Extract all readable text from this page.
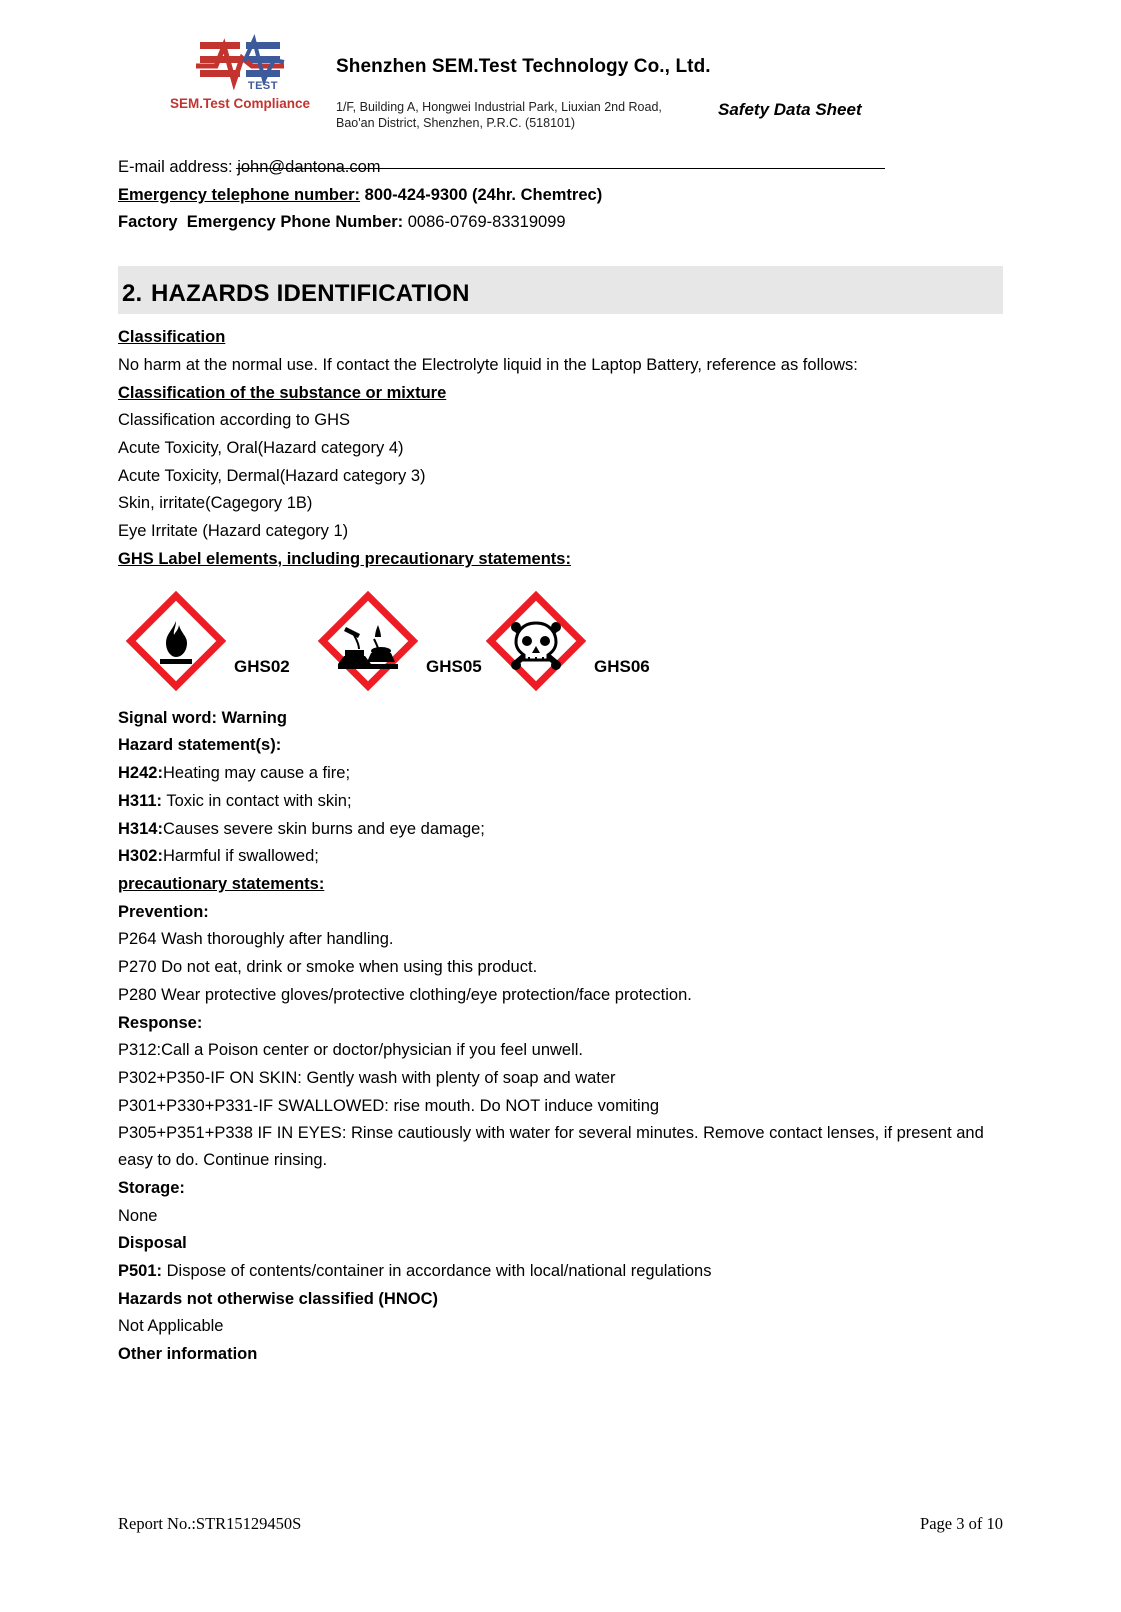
TEST
SEM.Test Compliance
Shenzhen SEM.Test Technology Co., Ltd.
1/F, Building A, Hongwei Industrial Park, Liuxian 2nd Road, Bao'an District, Shenzhen, P.R.C. (518101)
Safety Data Sheet
E-mail address: john@dantona.com
Emergency telephone number: 800-424-9300 (24hr. Chemtrec)
Factory  Emergency Phone Number: 0086-0769-83319099
2. HAZARDS IDENTIFICATION
Classification
No harm at the normal use. If contact the Electrolyte liquid in the Laptop Battery, reference as follows:
Classification of the substance or mixture
Classification according to GHS
Acute Toxicity, Oral(Hazard category 4)
Acute Toxicity, Dermal(Hazard category 3)
Skin, irritate(Cagegory 1B)
Eye Irritate (Hazard category 1)
GHS Label elements, including precautionary statements:
GHS02	GHS05	GHS06
Signal word: Warning
Hazard statement(s):
H242:Heating may cause a fire;
H311: Toxic in contact with skin;
H314:Causes severe skin burns and eye damage;
H302:Harmful if swallowed;
precautionary statements:
Prevention:
P264 Wash thoroughly after handling.
P270 Do not eat, drink or smoke when using this product.
P280 Wear protective gloves/protective clothing/eye protection/face protection.
Response:
P312:Call a Poison center or doctor/physician if you feel unwell.
P302+P350-IF ON SKIN: Gently wash with plenty of soap and water
P301+P330+P331-IF SWALLOWED: rise mouth. Do NOT induce vomiting
P305+P351+P338 IF IN EYES: Rinse cautiously with water for several minutes. Remove contact lenses, if present and easy to do. Continue rinsing.
Storage:
None
Disposal
P501: Dispose of contents/container in accordance with local/national regulations
Hazards not otherwise classified (HNOC)
Not Applicable
Other information
Report No.:STR15129450S	Page 3 of 10
